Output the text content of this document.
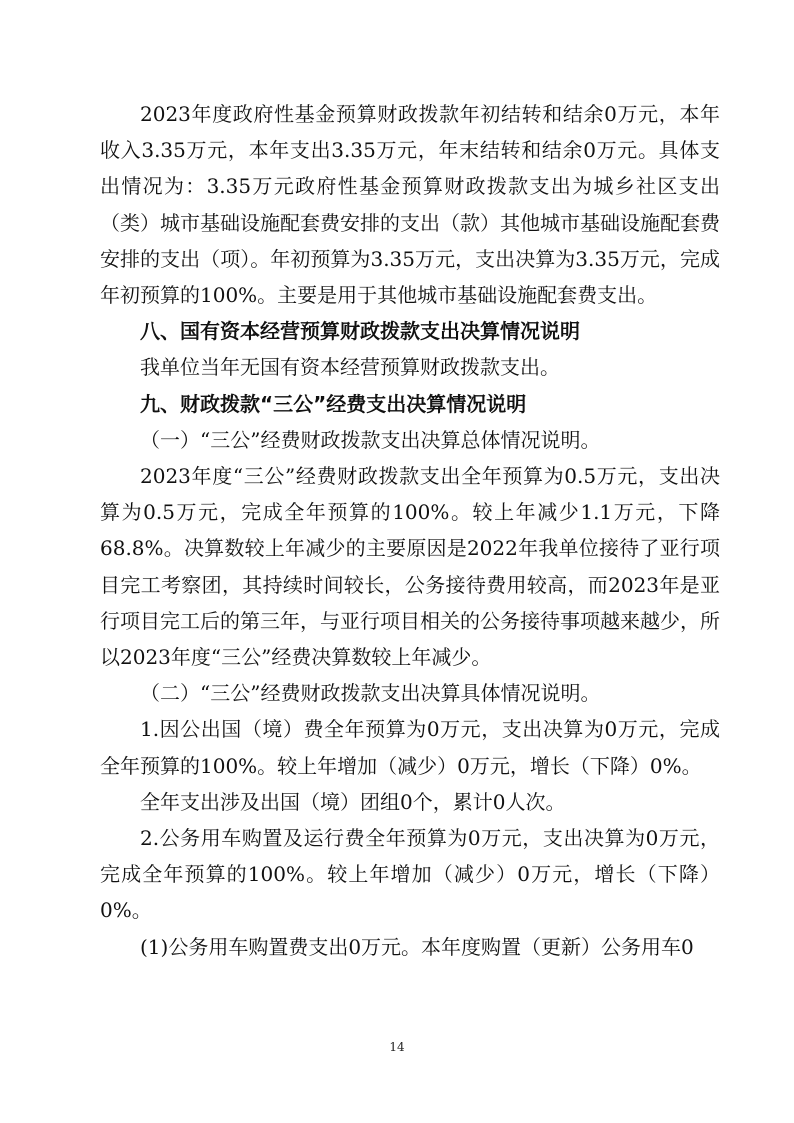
2023年度政府性基金预算财政拨款年初结转和结余0万元，本年收入3.35万元，本年支出3.35万元，年末结转和结余0万元。具体支出情况为：3.35万元政府性基金预算财政拨款支出为城乡社区支出（类）城市基础设施配套费安排的支出（款）其他城市基础设施配套费安排的支出（项）。年初预算为3.35万元，支出决算为3.35万元，完成年初预算的100%。主要是用于其他城市基础设施配套费支出。

八、国有资本经营预算财政拨款支出决算情况说明

我单位当年无国有资本经营预算财政拨款支出。

九、财政拨款“三公”经费支出决算情况说明

（一）“三公”经费财政拨款支出决算总体情况说明。

2023年度“三公”经费财政拨款支出全年预算为0.5万元，支出决算为0.5万元，完成全年预算的100%。较上年减少1.1万元，下降68.8%。决算数较上年减少的主要原因是2022年我单位接待了亚行项目完工考察团，其持续时间较长，公务接待费用较高，而2023年是亚行项目完工后的第三年，与亚行项目相关的公务接待事项越来越少，所以2023年度“三公”经费决算数较上年减少。

（二）“三公”经费财政拨款支出决算具体情况说明。

1.因公出国（境）费全年预算为0万元，支出决算为0万元，完成全年预算的100%。较上年增加（减少）0万元，增长（下降）0%。

全年支出涉及出国（境）团组0个，累计0人次。

2.公务用车购置及运行费全年预算为0万元，支出决算为0万元，完成全年预算的100%。较上年增加（减少）0万元，增长（下降）0%。

(1)公务用车购置费支出0万元。本年度购置（更新）公务用车0

14
